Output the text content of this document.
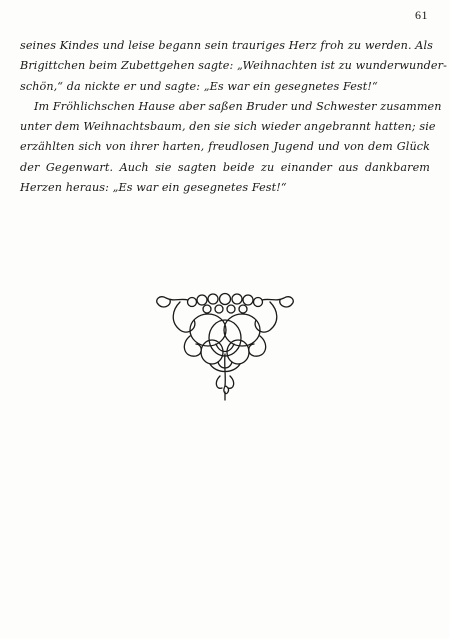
61
seines Kindes und leise begann sein trauriges Herz froh zu werden. Als
Brigittchen beim Zubettgehen sagte: „Weihnachten ist zu wunderwunder-
schön,“ da nickte er und sagte: „Es war ein gesegnetes Fest!“
Im Fröhlichschen Hause aber saßen Bruder und Schwester zusammen
unter dem Weihnachtsbaum, den sie sich wieder angebrannt hatten; sie
erzählten sich von ihrer harten, freudlosen Jugend und von dem Glück
der Gegenwart. Auch sie sagten beide zu einander aus dankbarem
Herzen heraus: „Es war ein gesegnetes Fest!“
